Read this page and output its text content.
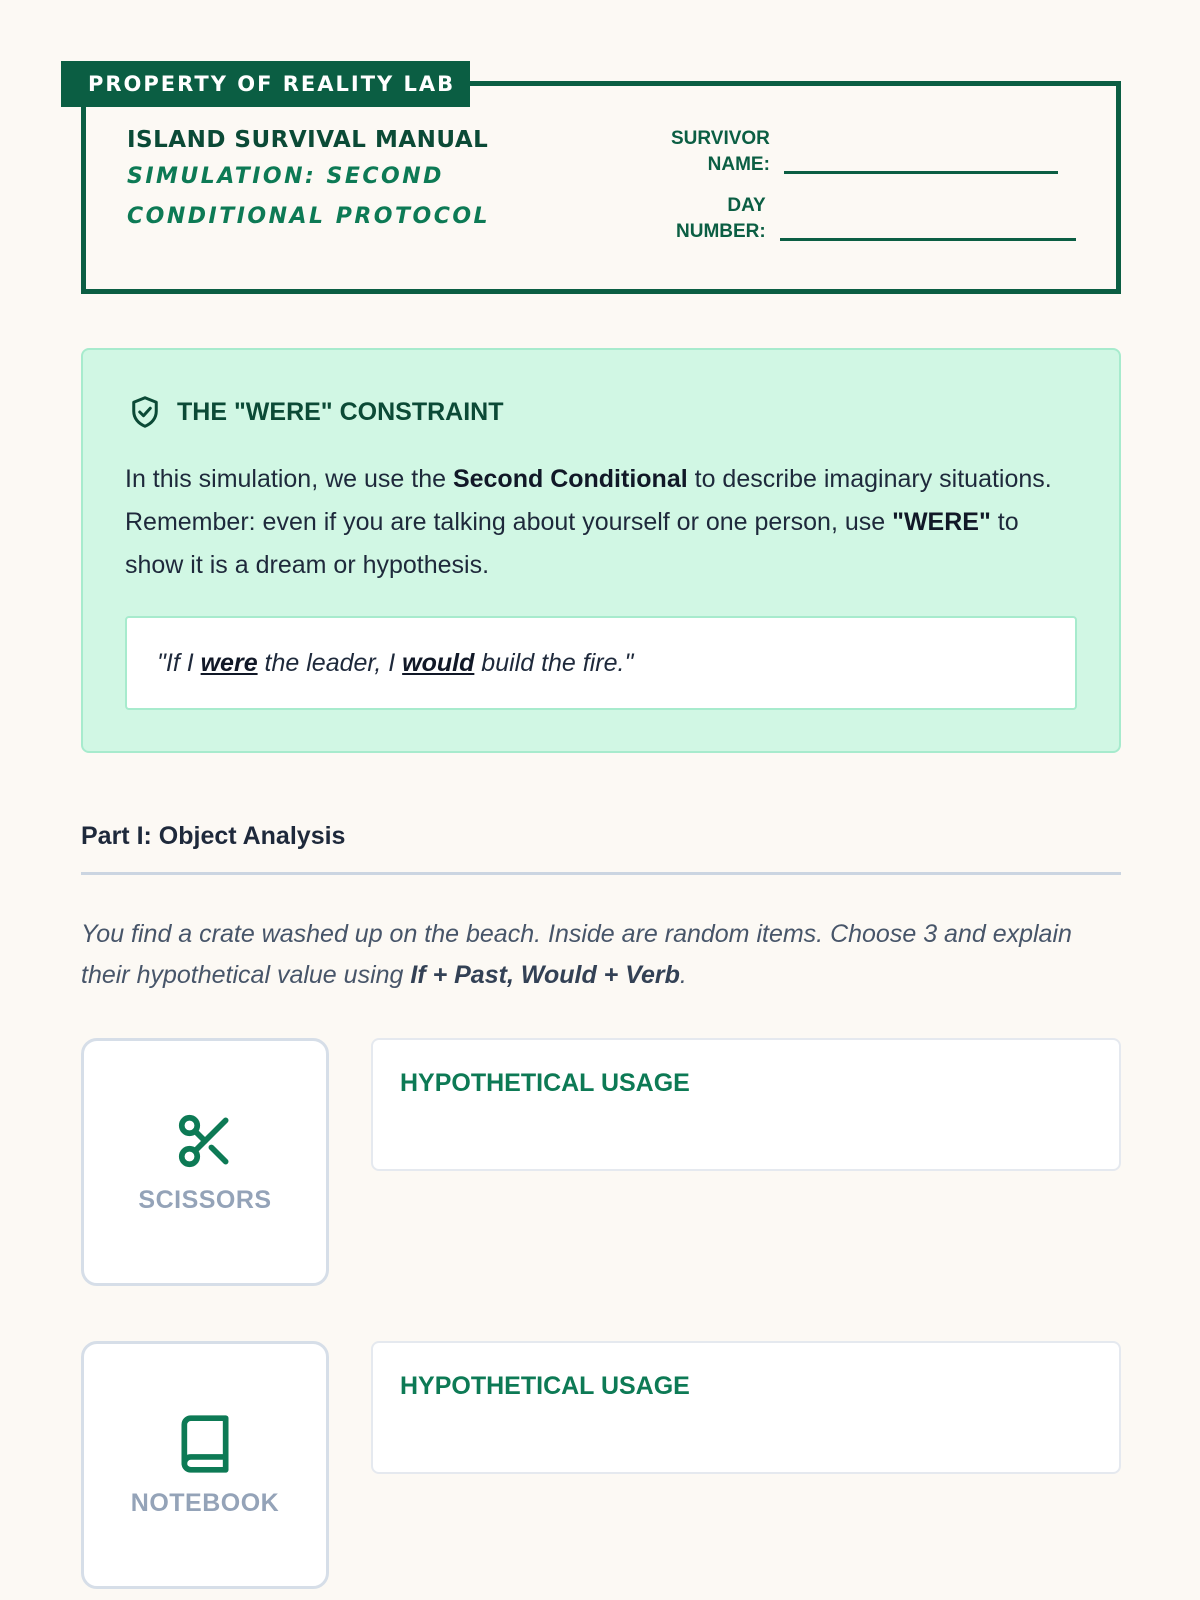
PROPERTY OF REALITY LAB
ISLAND SURVIVAL MANUAL
SIMULATION: SECOND CONDITIONAL PROTOCOL
SURVIVOR
NAME:
DAY
NUMBER:
THE "WERE" CONSTRAINT
In this simulation, we use the Second Conditional to describe imaginary situations. Remember: even if you are talking about yourself or one person, use "WERE" to show it is a dream or hypothesis.
"If I were the leader, I would build the fire."
Part I: Object Analysis
You find a crate washed up on the beach. Inside are random items. Choose 3 and explain their hypothetical value using If + Past, Would + Verb.
SCISSORS
HYPOTHETICAL USAGE
NOTEBOOK
HYPOTHETICAL USAGE
